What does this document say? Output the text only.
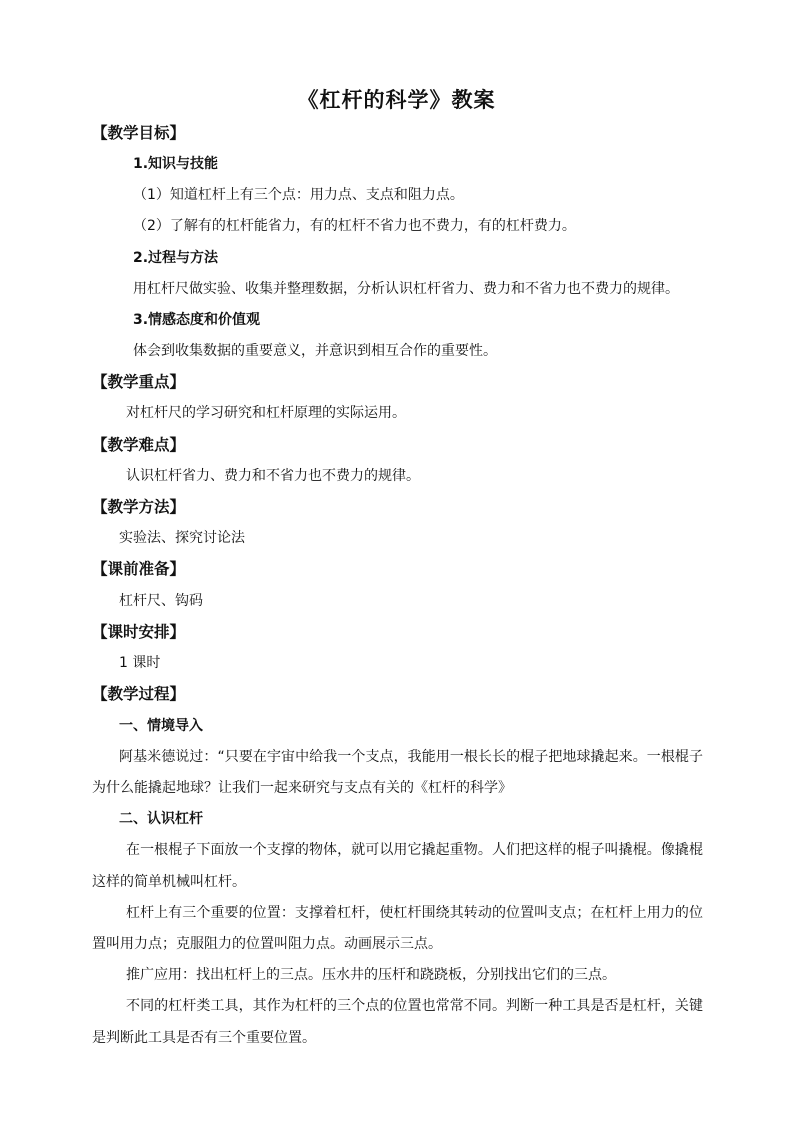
《杠杆的科学》教案
【教学目标】
1.知识与技能
（1）知道杠杆上有三个点：用力点、支点和阻力点。
（2）了解有的杠杆能省力，有的杠杆不省力也不费力，有的杠杆费力。
2.过程与方法
用杠杆尺做实验、收集并整理数据，分析认识杠杆省力、费力和不省力也不费力的规律。
3.情感态度和价值观
体会到收集数据的重要意义，并意识到相互合作的重要性。
【教学重点】
对杠杆尺的学习研究和杠杆原理的实际运用。
【教学难点】
认识杠杆省力、费力和不省力也不费力的规律。
【教学方法】
实验法、探究讨论法
【课前准备】
杠杆尺、钩码
【课时安排】
1 课时
【教学过程】
一、情境导入
阿基米德说过：“只要在宇宙中给我一个支点，我能用一根长长的棍子把地球撬起来。一根棍子
为什么能撬起地球？让我们一起来研究与支点有关的《杠杆的科学》
二、认识杠杆
在一根棍子下面放一个支撑的物体，就可以用它撬起重物。人们把这样的棍子叫撬棍。像撬棍
这样的简单机械叫杠杆。
杠杆上有三个重要的位置：支撑着杠杆，使杠杆围绕其转动的位置叫支点；在杠杆上用力的位
置叫用力点；克服阻力的位置叫阻力点。动画展示三点。
推广应用：找出杠杆上的三点。压水井的压杆和跷跷板，分别找出它们的三点。
不同的杠杆类工具，其作为杠杆的三个点的位置也常常不同。判断一种工具是否是杠杆，关键
是判断此工具是否有三个重要位置。
